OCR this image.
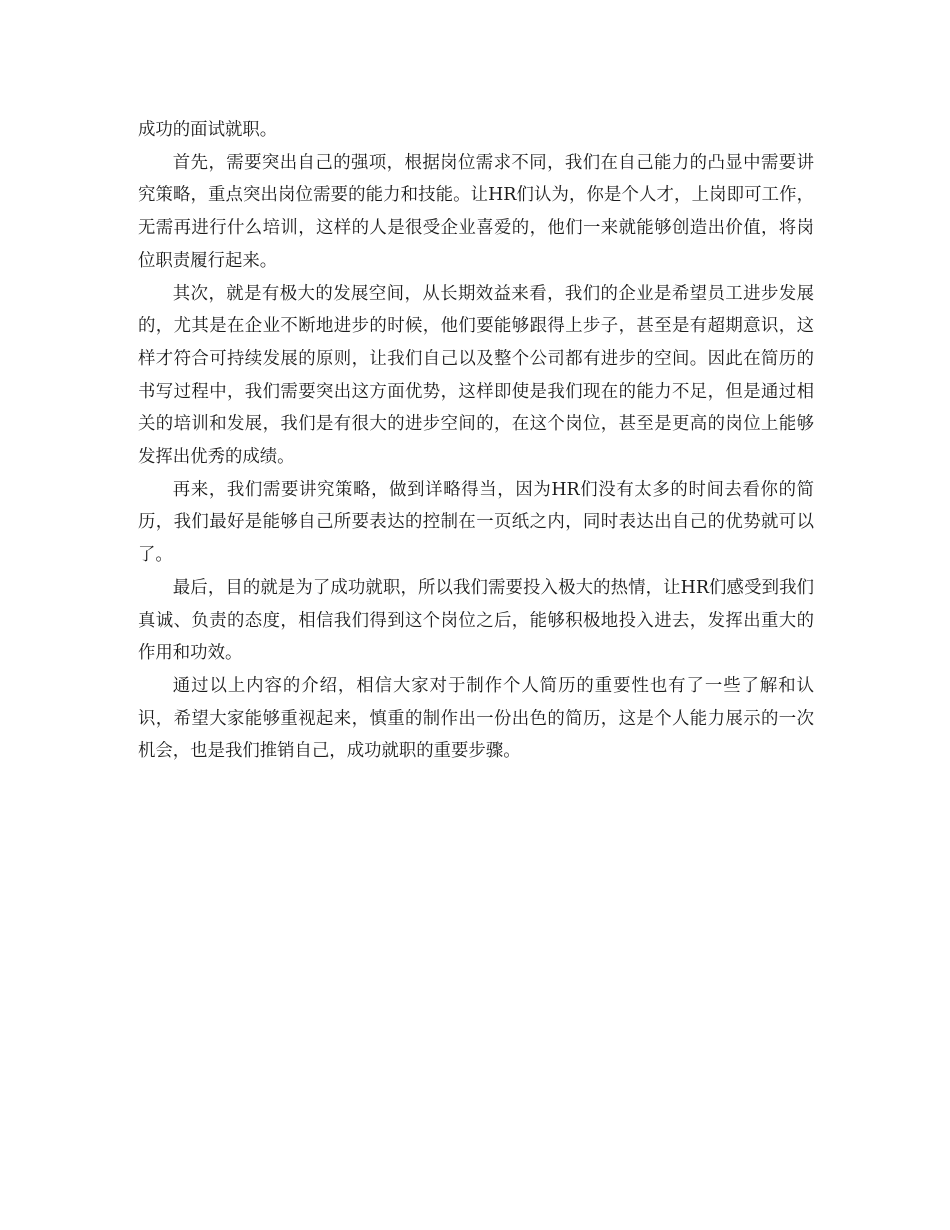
成功的面试就职。

首先，需要突出自己的强项，根据岗位需求不同，我们在自己能力的凸显中需要讲究策略，重点突出岗位需要的能力和技能。让HR们认为，你是个人才，上岗即可工作，无需再进行什么培训，这样的人是很受企业喜爱的，他们一来就能够创造出价值，将岗位职责履行起来。

其次，就是有极大的发展空间，从长期效益来看，我们的企业是希望员工进步发展的，尤其是在企业不断地进步的时候，他们要能够跟得上步子，甚至是有超期意识，这样才符合可持续发展的原则，让我们自己以及整个公司都有进步的空间。因此在简历的书写过程中，我们需要突出这方面优势，这样即使是我们现在的能力不足，但是通过相关的培训和发展，我们是有很大的进步空间的，在这个岗位，甚至是更高的岗位上能够发挥出优秀的成绩。

再来，我们需要讲究策略，做到详略得当，因为HR们没有太多的时间去看你的简历，我们最好是能够自己所要表达的控制在一页纸之内，同时表达出自己的优势就可以了。

最后，目的就是为了成功就职，所以我们需要投入极大的热情，让HR们感受到我们真诚、负责的态度，相信我们得到这个岗位之后，能够积极地投入进去，发挥出重大的作用和功效。

通过以上内容的介绍，相信大家对于制作个人简历的重要性也有了一些了解和认识，希望大家能够重视起来，慎重的制作出一份出色的简历，这是个人能力展示的一次机会，也是我们推销自己，成功就职的重要步骤。
